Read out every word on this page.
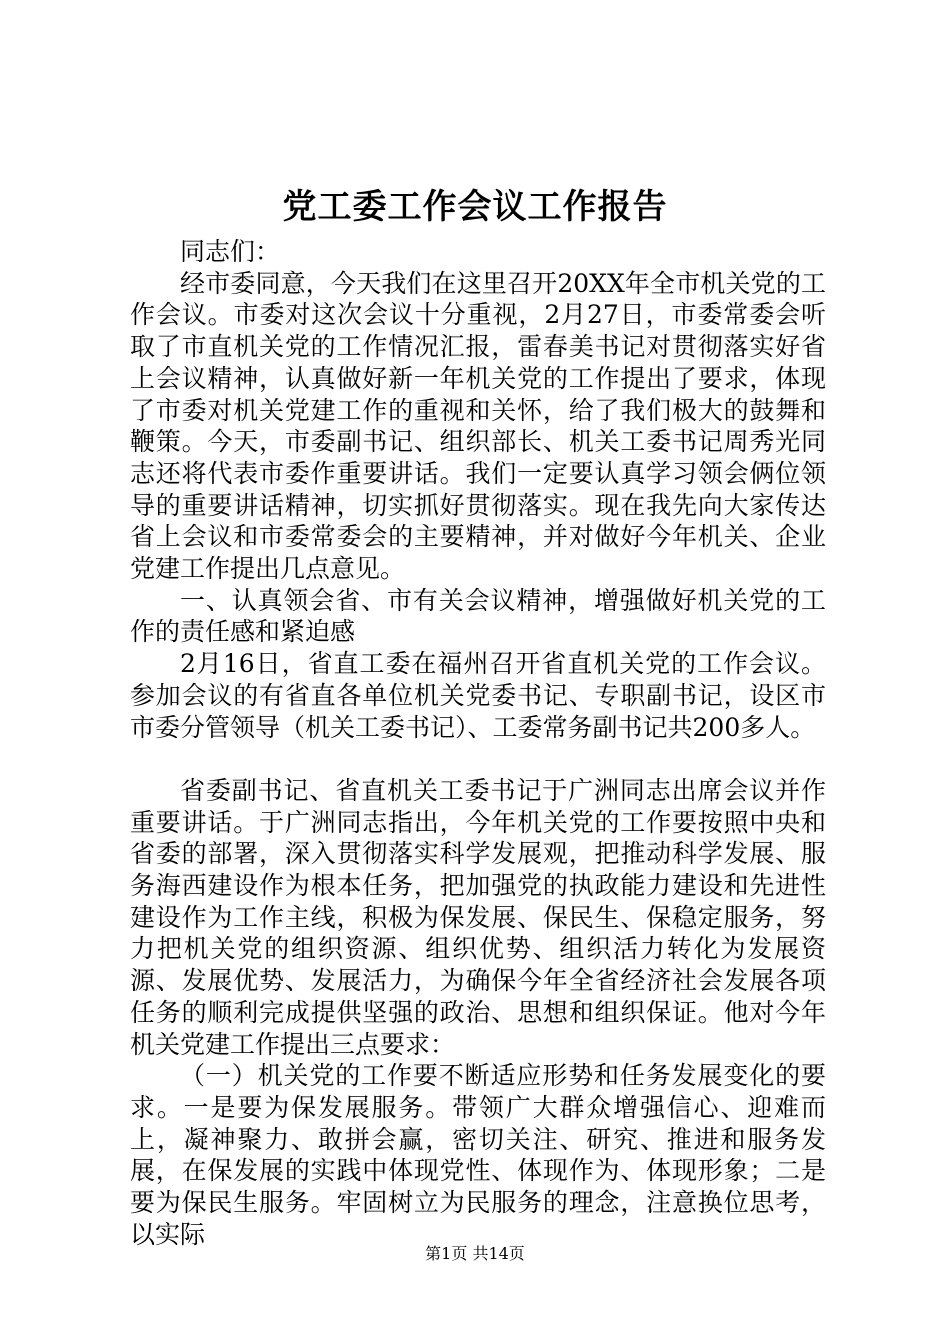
党工委工作会议工作报告

同志们：

经市委同意，今天我们在这里召开20XX年全市机关党的工作会议。市委对这次会议十分重视，2月27日，市委常委会听取了市直机关党的工作情况汇报，雷春美书记对贯彻落实好省上会议精神，认真做好新一年机关党的工作提出了要求，体现了市委对机关党建工作的重视和关怀，给了我们极大的鼓舞和鞭策。今天，市委副书记、组织部长、机关工委书记周秀光同志还将代表市委作重要讲话。我们一定要认真学习领会俩位领导的重要讲话精神，切实抓好贯彻落实。现在我先向大家传达省上会议和市委常委会的主要精神，并对做好今年机关、企业党建工作提出几点意见。

一、认真领会省、市有关会议精神，增强做好机关党的工作的责任感和紧迫感

2月16日，省直工委在福州召开省直机关党的工作会议。参加会议的有省直各单位机关党委书记、专职副书记，设区市市委分管领导（机关工委书记）、工委常务副书记共200多人。

省委副书记、省直机关工委书记于广洲同志出席会议并作重要讲话。于广洲同志指出，今年机关党的工作要按照中央和省委的部署，深入贯彻落实科学发展观，把推动科学发展、服务海西建设作为根本任务，把加强党的执政能力建设和先进性建设作为工作主线，积极为保发展、保民生、保稳定服务，努力把机关党的组织资源、组织优势、组织活力转化为发展资源、发展优势、发展活力，为确保今年全省经济社会发展各项任务的顺利完成提供坚强的政治、思想和组织保证。他对今年机关党建工作提出三点要求：

（一）机关党的工作要不断适应形势和任务发展变化的要求。一是要为保发展服务。带领广大群众增强信心、迎难而上，凝神聚力、敢拼会赢，密切关注、研究、推进和服务发展，在保发展的实践中体现党性、体现作为、体现形象；二是要为保民生服务。牢固树立为民服务的理念，注意换位思考，以实际

第1页 共14页
